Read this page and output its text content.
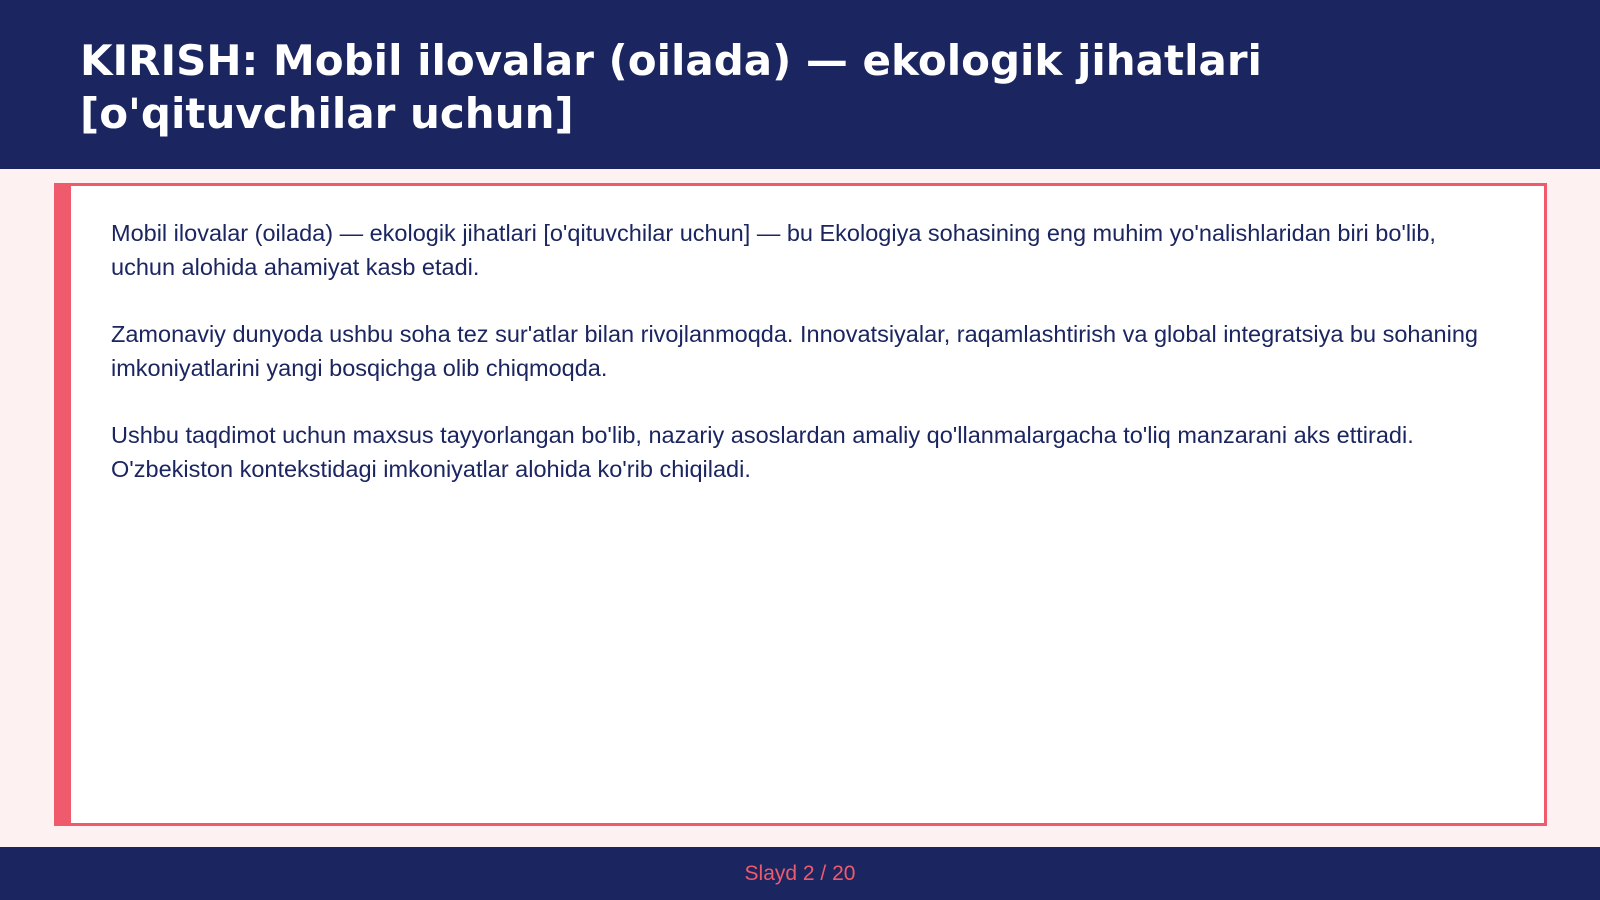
KIRISH: Mobil ilovalar (oilada) — ekologik jihatlari [o'qituvchilar uchun]

Mobil ilovalar (oilada) — ekologik jihatlari [o'qituvchilar uchun] — bu Ekologiya sohasining eng muhim yo'nalishlaridan biri bo'lib, uchun alohida ahamiyat kasb etadi.

Zamonaviy dunyoda ushbu soha tez sur'atlar bilan rivojlanmoqda. Innovatsiyalar, raqamlashtirish va global integratsiya bu sohaning imkoniyatlarini yangi bosqichga olib chiqmoqda.

Ushbu taqdimot uchun maxsus tayyorlangan bo'lib, nazariy asoslardan amaliy qo'llanmalargacha to'liq manzarani aks ettiradi. O'zbekiston kontekstidagi imkoniyatlar alohida ko'rib chiqiladi.

Slayd 2 / 20
